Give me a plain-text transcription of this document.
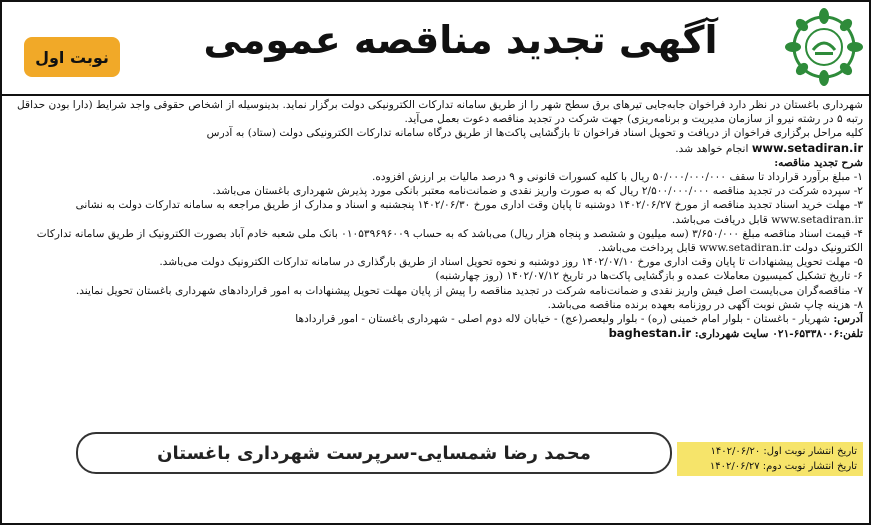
آگهی تجدید مناقصه عمومی
نوبت اول

شهرداری باغستان در نظر دارد فراخوان جابه‌جایی تیرهای برق سطح شهر را از طریق سامانه تدارکات الکترونیکی دولت برگزار نماید. بدینوسیله از اشخاص حقوقی واجد شرایط (دارا بودن حداقل رتبه ۵ در رشته نیرو از سازمان مدیریت و برنامه‌ریزی) جهت شرکت در تجدید مناقصه دعوت بعمل می‌آید.

کلیه مراحل برگزاری فراخوان از دریافت و تحویل اسناد فراخوان تا بازگشایی پاکت‌ها از طریق درگاه سامانه تدارکات الکترونیکی دولت (ستاد) به آدرس

www.setadiran.ir انجام خواهد شد.

شرح تجدید مناقصه:

۱- مبلغ برآورد قرارداد تا سقف ۵۰/۰۰۰/۰۰۰/۰۰۰ ریال با کلیه کسورات قانونی و ۹ درصد مالیات بر ارزش افزوده.

۲- سپرده شرکت در تجدید مناقصه ۲/۵۰۰/۰۰۰/۰۰۰ ریال که به صورت واریز نقدی و ضمانت‌نامه معتبر بانکی مورد پذیرش شهرداری باغستان می‌باشد.

۳- مهلت خرید اسناد تجدید مناقصه از مورخ ۱۴۰۲/۰۶/۲۷ دوشنبه تا پایان وقت اداری مورخ ۱۴۰۲/۰۶/۳۰ پنجشنبه و اسناد و مدارک از طریق مراجعه به سامانه تدارکات دولت به نشانی www.setadiran.ir قابل دریافت می‌باشد.

۴- قیمت اسناد مناقصه مبلغ ۳/۶۵۰/۰۰۰ (سه میلیون و ششصد و پنجاه هزار ریال) می‌باشد که به حساب ۰۱۰۵۳۹۶۹۶۰۰۹ بانک ملی شعبه خادم آباد بصورت الکترونیک از طریق سامانه تدارکات الکترونیک دولت www.setadiran.ir قابل پرداخت می‌باشد.

۵- مهلت تحویل پیشنهادات تا پایان وقت اداری مورخ ۱۴۰۲/۰۷/۱۰ روز دوشنبه و نحوه تحویل اسناد از طریق بارگذاری در سامانه تدارکات الکترونیک دولت می‌باشد.

۶- تاریخ تشکیل کمیسیون معاملات عمده و بازگشایی پاکت‌ها در تاریخ ۱۴۰۲/۰۷/۱۲ (روز چهارشنبه)

۷- مناقصه‌گران می‌بایست اصل فیش واریز نقدی و ضمانت‌نامه شرکت در تجدید مناقصه را پیش از پایان مهلت تحویل پیشنهادات به امور قراردادهای شهرداری باغستان تحویل نمایند.

۸- هزینه چاپ شش نوبت آگهی در روزنامه بعهده برنده مناقصه می‌باشد.

آدرس: شهریار - باغستان - بلوار امام خمینی (ره) - بلوار ولیعصر(عج) - خیابان لاله دوم اصلی - شهرداری باغستان - امور قراردادها

تلفن:۶۵۳۳۸۰۰۶-۰۲۱ سایت شهرداری: baghestan.ir

محمد رضا شمسایی-سرپرست شهرداری باغستان	تاریخ انتشار نوبت اول: ۱۴۰۲/۰۶/۲۰
تاریخ انتشار نوبت دوم: ۱۴۰۲/۰۶/۲۷
